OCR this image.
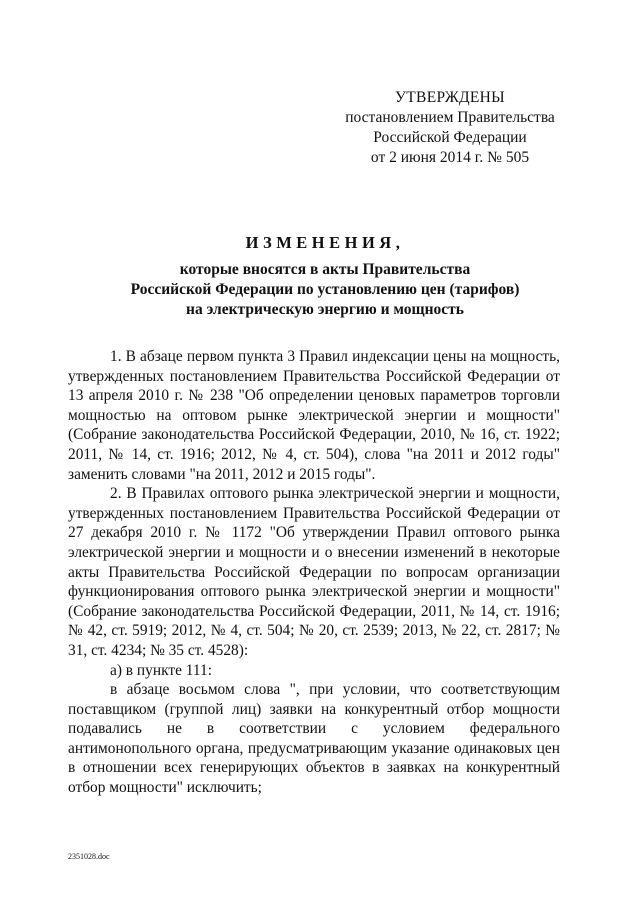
УТВЕРЖДЕНЫ
постановлением Правительства
Российской Федерации
от 2 июня 2014 г. № 505
ИЗМЕНЕНИЯ,
которые вносятся в акты Правительства
Российской Федерации по установлению цен (тарифов)
на электрическую энергию и мощность

1. В абзаце первом пункта 3 Правил индексации цены на мощность, утвержденных постановлением Правительства Российской Федерации от 13 апреля 2010 г. № 238 "Об определении ценовых параметров торговли мощностью на оптовом рынке электрической энергии и мощности" (Собрание законодательства Российской Федерации, 2010, № 16, ст. 1922; 2011, № 14, ст. 1916; 2012, № 4, ст. 504), слова "на 2011 и 2012 годы" заменить словами "на 2011, 2012 и 2015 годы".

2. В Правилах оптового рынка электрической энергии и мощности, утвержденных постановлением Правительства Российской Федерации от 27 декабря 2010 г. № 1172 "Об утверждении Правил оптового рынка электрической энергии и мощности и о внесении изменений в некоторые акты Правительства Российской Федерации по вопросам организации функционирования оптового рынка электрической энергии и мощности" (Собрание законодательства Российской Федерации, 2011, № 14, ст. 1916; № 42, ст. 5919; 2012, № 4, ст. 504; № 20, ст. 2539; 2013, № 22, ст. 2817; № 31, ст. 4234; № 35 ст. 4528):

а) в пункте 111:

в абзаце восьмом слова ", при условии, что соответствующим поставщиком (группой лиц) заявки на конкурентный отбор мощности подавались не в соответствии с условием федерального антимонопольного органа, предусматривающим указание одинаковых цен в отношении всех генерирующих объектов в заявках на конкурентный отбор мощности" исключить;

2351028.doc
